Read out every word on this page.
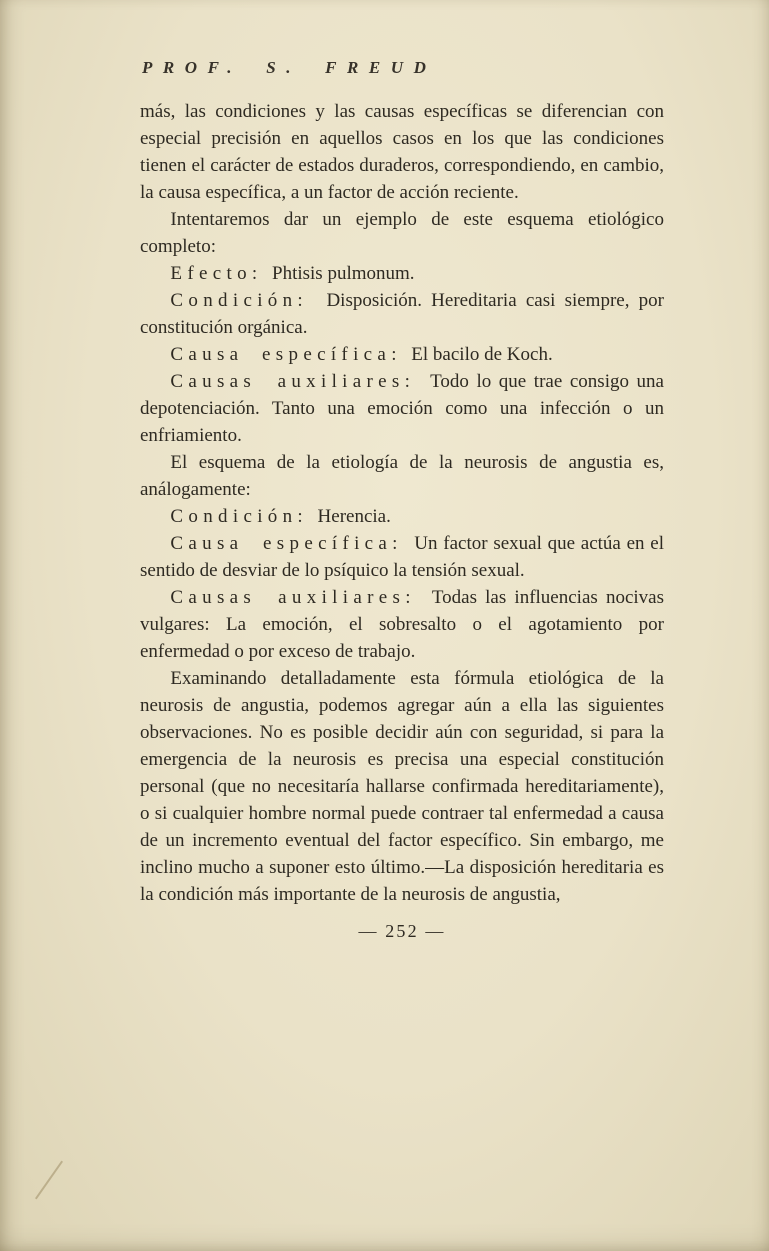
PROF. S. FREUD

más, las condiciones y las causas específicas se diferencian con especial precisión en aquellos casos en los que las condiciones tienen el carácter de estados duraderos, correspondiendo, en cambio, la causa específica, a un factor de acción reciente.

Intentaremos dar un ejemplo de este esquema etiológico completo:

Efecto: Phtisis pulmonum.

Condición: Disposición. Hereditaria casi siempre, por constitución orgánica.

Causa específica: El bacilo de Koch.

Causas auxiliares: Todo lo que trae consigo una depotenciación. Tanto una emoción como una infección o un enfriamiento.

El esquema de la etiología de la neurosis de angustia es, análogamente:

Condición: Herencia.

Causa específica: Un factor sexual que actúa en el sentido de desviar de lo psíquico la tensión sexual.

Causas auxiliares: Todas las influencias nocivas vulgares: La emoción, el sobresalto o el agotamiento por enfermedad o por exceso de trabajo.

Examinando detalladamente esta fórmula etiológica de la neurosis de angustia, podemos agregar aún a ella las siguientes observaciones. No es posible decidir aún con seguridad, si para la emergencia de la neurosis es precisa una especial constitución personal (que no necesitaría hallarse confirmada hereditariamente), o si cualquier hombre normal puede contraer tal enfermedad a causa de un incremento eventual del factor específico. Sin embargo, me inclino mucho a suponer esto último.—La disposición hereditaria es la condición más importante de la neurosis de angustia,

— 252 —
